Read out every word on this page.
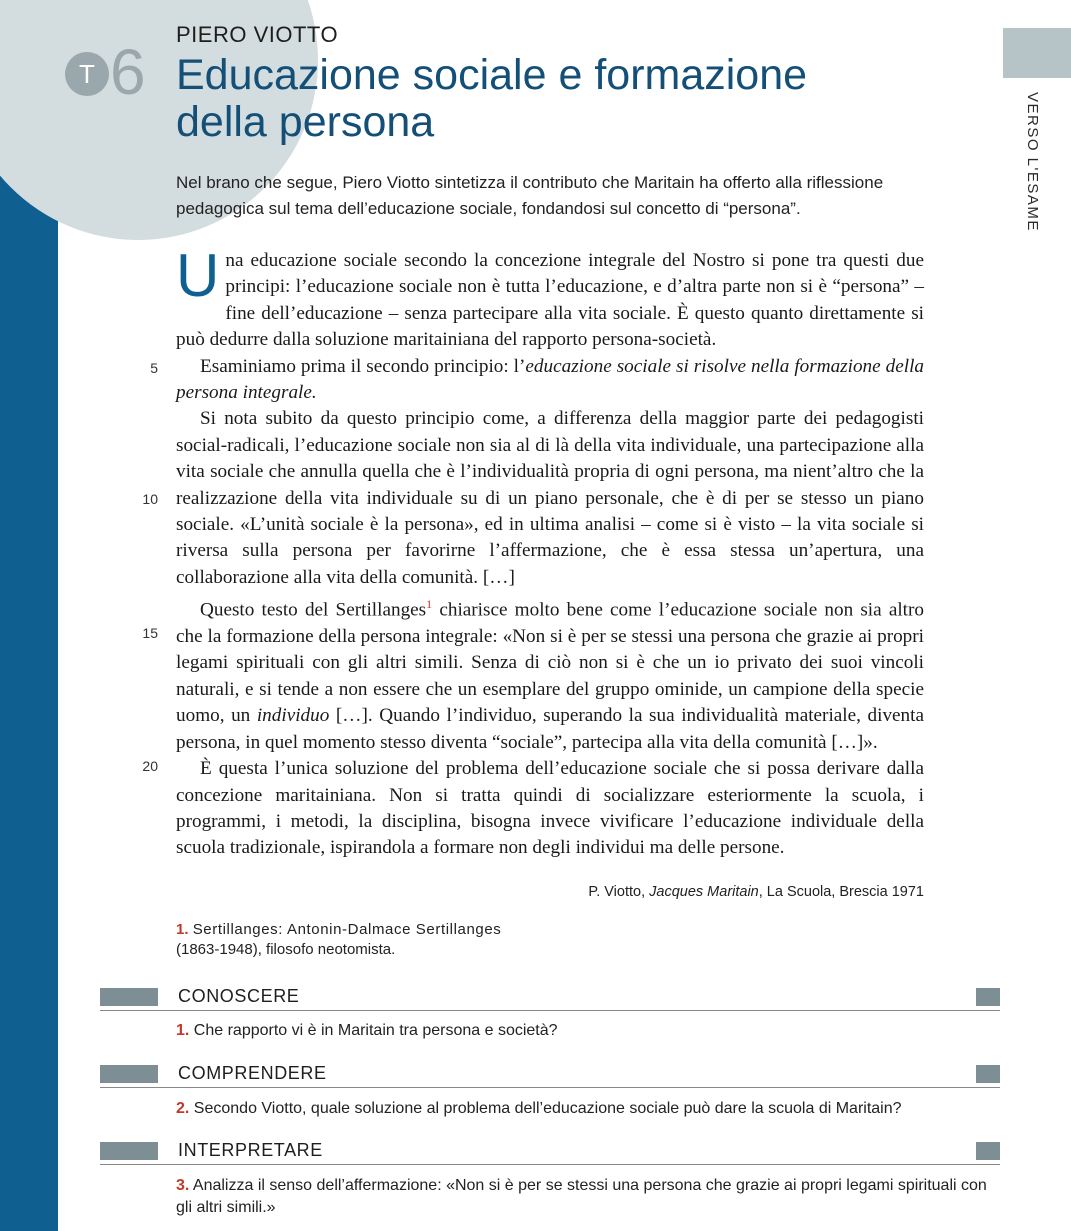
T 6
PIERO VIOTTO
Educazione sociale e formazione
della persona	VERSO L'ESAME

Nel brano che segue, Piero Viotto sintetizza il contributo che Maritain ha offerto alla riflessione pedagogica sul tema dell’educazione sociale, fondandosi sul concetto di “persona”.

Una educazione sociale secondo la concezione integrale del Nostro si pone tra questi due principi: l’educazione sociale non è tutta l’educazione, e d’altra parte non si è “persona” – fine dell’educazione – senza partecipare alla vita sociale. È questo quanto direttamente si può dedurre dalla soluzione maritainiana del rapporto persona-società.

Esaminiamo prima il secondo principio: l’educazione sociale si risolve nella formazione della persona integrale.

Si nota subito da questo principio come, a differenza della maggior parte dei pedagogisti social-radicali, l’educazione sociale non sia al di là della vita individuale, una partecipazione alla vita sociale che annulla quella che è l’individualità propria di ogni persona, ma nient’altro che la realizzazione della vita individuale su di un piano personale, che è di per se stesso un piano sociale. «L’unità sociale è la persona», ed in ultima analisi – come si è visto – la vita sociale si riversa sulla persona per favorirne l’affermazione, che è essa stessa un’apertura, una collaborazione alla vita della comunità. […]

Questo testo del Sertillanges$^1$ chiarisce molto bene come l’educazione sociale non sia altro che la formazione della persona integrale: «Non si è per se stessi una persona che grazie ai propri legami spirituali con gli altri simili. Senza di ciò non si è che un io privato dei suoi vincoli naturali, e si tende a non essere che un esemplare del gruppo ominide, un campione della specie uomo, un individuo […]. Quando l’individuo, superando la sua individualità materiale, diventa persona, in quel momento stesso diventa “sociale”, partecipa alla vita della comunità […]».

È questa l’unica soluzione del problema dell’educazione sociale che si possa derivare dalla concezione maritainiana. Non si tratta quindi di socializzare esteriormente la scuola, i programmi, i metodi, la disciplina, bisogna invece vivificare l’educazione individuale della scuola tradizionale, ispirandola a formare non degli individui ma delle persone.

5
10
15
20
P. Viotto, Jacques Maritain, La Scuola, Brescia 1971
1. Sertillanges: Antonin-Dalmace Sertillanges
(1863-1948), filosofo neotomista.
CONOSCERE
1. Che rapporto vi è in Maritain tra persona e società?
COMPRENDERE
2. Secondo Viotto, quale soluzione al problema dell’educazione sociale può dare la scuola di Maritain?
INTERPRETARE
3. Analizza il senso dell’affermazione: «Non si è per se stessi una persona che grazie ai propri legami spirituali con gli altri simili.»
